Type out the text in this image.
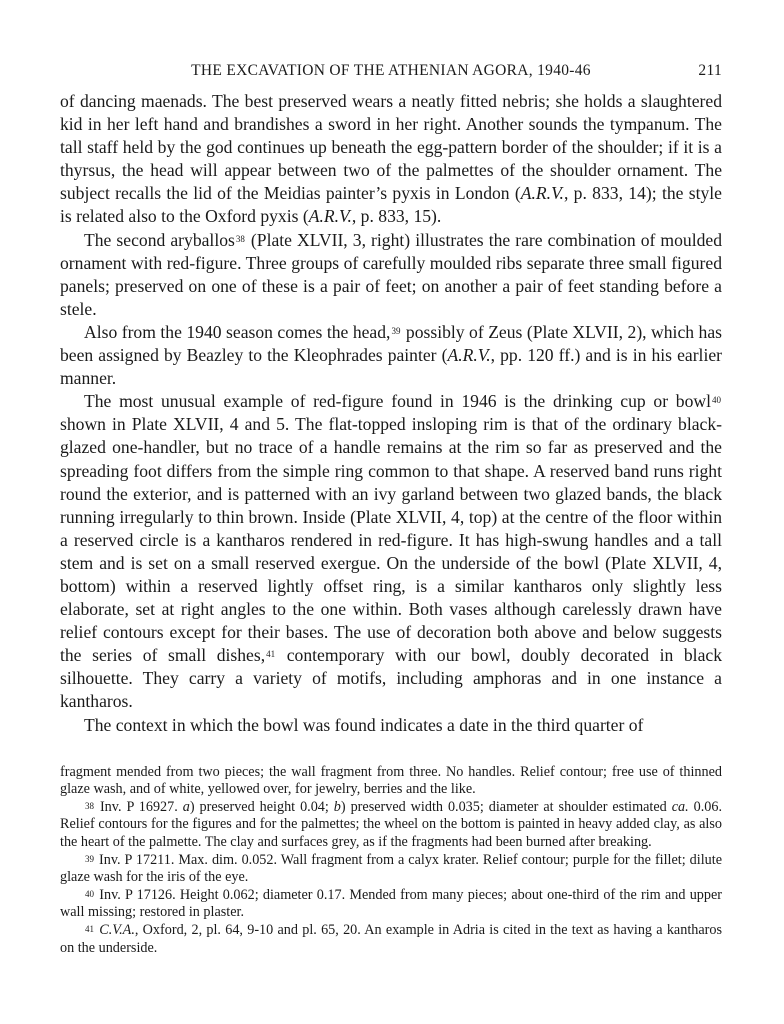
THE EXCAVATION OF THE ATHENIAN AGORA, 1940-46	211

of dancing maenads. The best preserved wears a neatly fitted nebris; she holds a slaughtered kid in her left hand and brandishes a sword in her right. Another sounds the tympanum. The tall staff held by the god continues up beneath the egg-pattern border of the shoulder; if it is a thyrsus, the head will appear between two of the palmettes of the shoulder ornament. The subject recalls the lid of the Meidias painter’s pyxis in London (A.R.V., p. 833, 14); the style is related also to the Oxford pyxis (A.R.V., p. 833, 15).

The second aryballos$^{38}$ (Plate XLVII, 3, right) illustrates the rare combination of moulded ornament with red-figure. Three groups of carefully moulded ribs separate three small figured panels; preserved on one of these is a pair of feet; on another a pair of feet standing before a stele.

Also from the 1940 season comes the head,$^{39}$ possibly of Zeus (Plate XLVII, 2), which has been assigned by Beazley to the Kleophrades painter (A.R.V., pp. 120 ff.) and is in his earlier manner.

The most unusual example of red-figure found in 1946 is the drinking cup or bowl$^{40}$ shown in Plate XLVII, 4 and 5. The flat-topped insloping rim is that of the ordinary black-glazed one-handler, but no trace of a handle remains at the rim so far as preserved and the spreading foot differs from the simple ring common to that shape. A reserved band runs right round the exterior, and is patterned with an ivy garland between two glazed bands, the black running irregularly to thin brown. Inside (Plate XLVII, 4, top) at the centre of the floor within a reserved circle is a kantharos rendered in red-figure. It has high-swung handles and a tall stem and is set on a small reserved exergue. On the underside of the bowl (Plate XLVII, 4, bottom) within a reserved lightly offset ring, is a similar kantharos only slightly less elaborate, set at right angles to the one within. Both vases although carelessly drawn have relief contours except for their bases. The use of decoration both above and below suggests the series of small dishes,$^{41}$ contemporary with our bowl, doubly decorated in black silhouette. They carry a variety of motifs, including amphoras and in one instance a kantharos.

The context in which the bowl was found indicates a date in the third quarter of

fragment mended from two pieces; the wall fragment from three. No handles. Relief contour; free use of thinned glaze wash, and of white, yellowed over, for jewelry, berries and the like.

$^{38}$ Inv. P 16927. a) preserved height 0.04; b) preserved width 0.035; diameter at shoulder estimated ca. 0.06. Relief contours for the figures and for the palmettes; the wheel on the bottom is painted in heavy added clay, as also the heart of the palmette. The clay and surfaces grey, as if the fragments had been burned after breaking.

$^{39}$ Inv. P 17211. Max. dim. 0.052. Wall fragment from a calyx krater. Relief contour; purple for the fillet; dilute glaze wash for the iris of the eye.

$^{40}$ Inv. P 17126. Height 0.062; diameter 0.17. Mended from many pieces; about one-third of the rim and upper wall missing; restored in plaster.

$^{41}$ C.V.A., Oxford, 2, pl. 64, 9-10 and pl. 65, 20. An example in Adria is cited in the text as having a kantharos on the underside.
